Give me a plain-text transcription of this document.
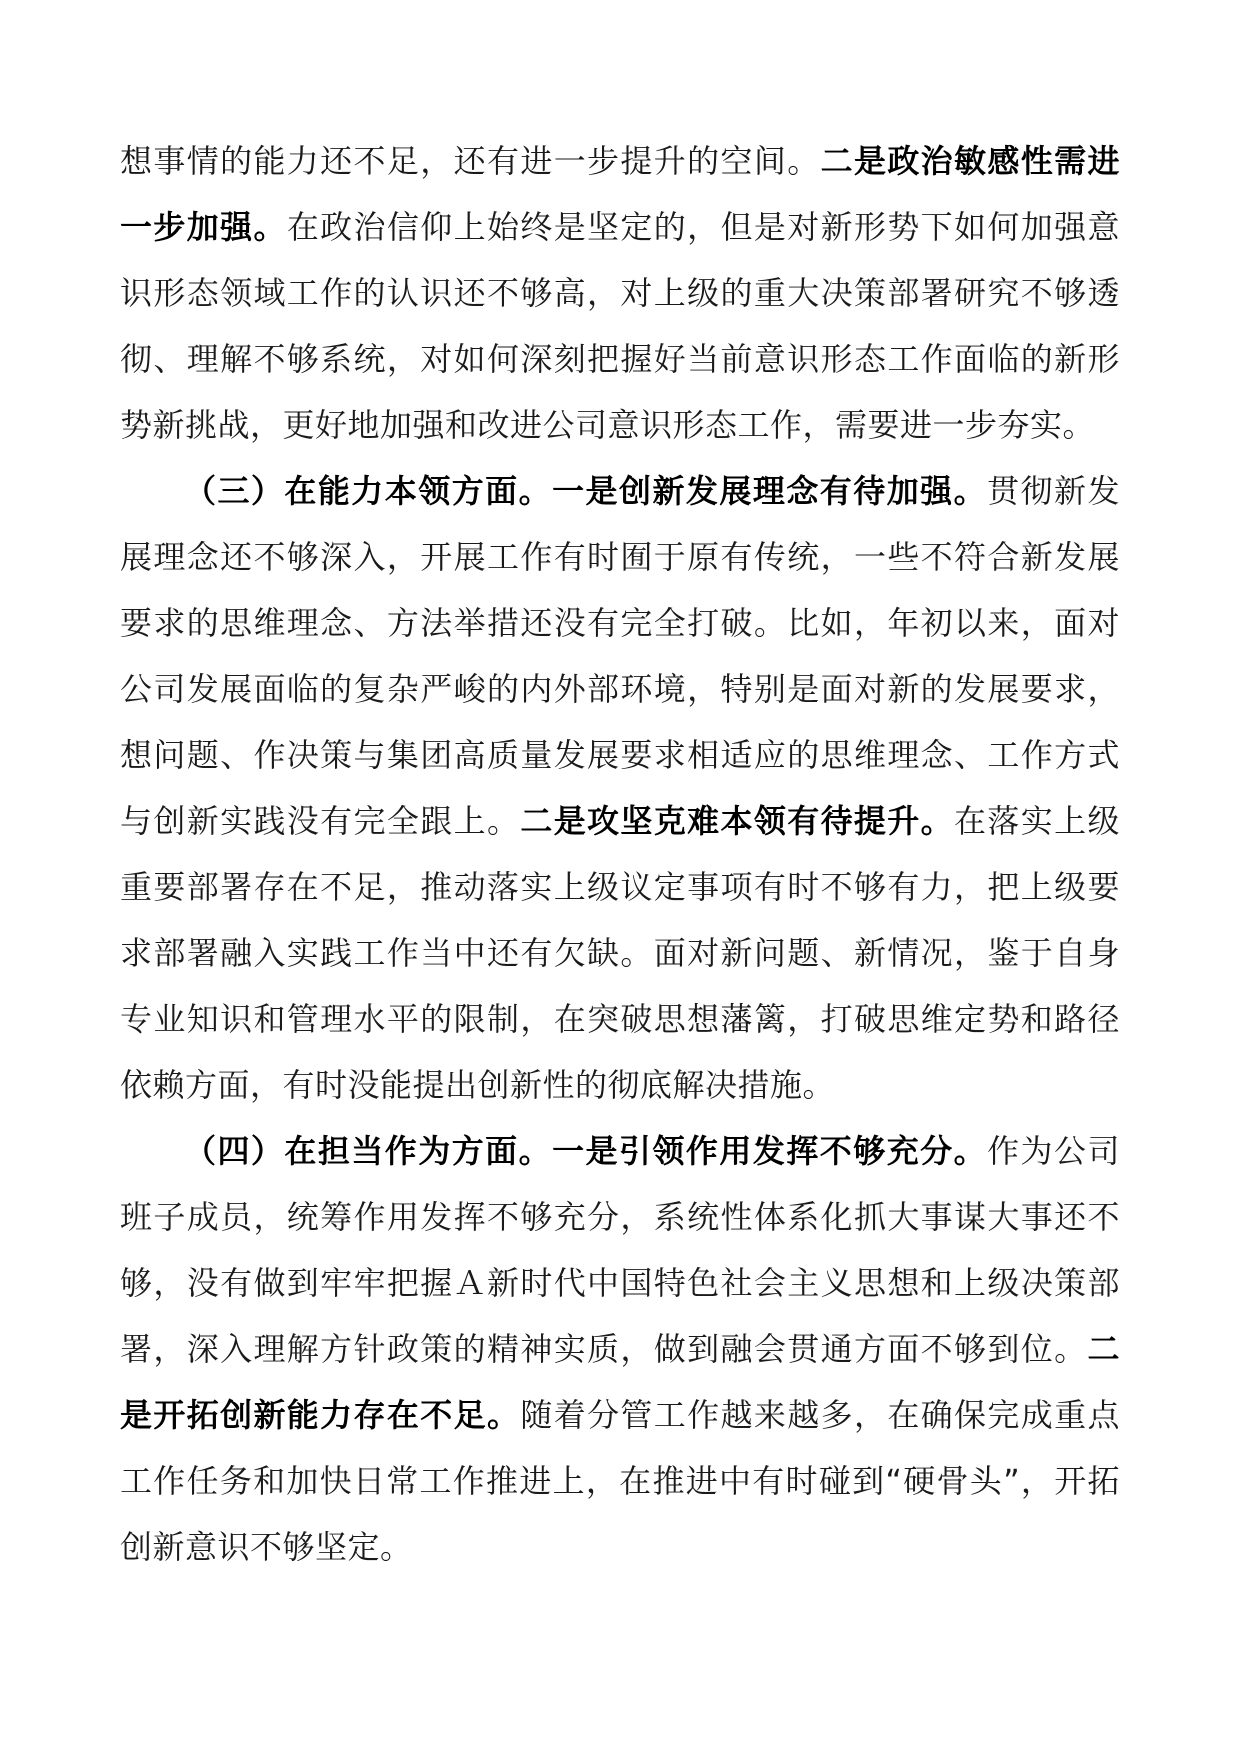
想事情的能力还不足，还有进一步提升的空间。二是政治敏感性需进一步加强。在政治信仰上始终是坚定的，但是对新形势下如何加强意识形态领域工作的认识还不够高，对上级的重大决策部署研究不够透彻、理解不够系统，对如何深刻把握好当前意识形态工作面临的新形势新挑战，更好地加强和改进公司意识形态工作，需要进一步夯实。

（三）在能力本领方面。一是创新发展理念有待加强。贯彻新发展理念还不够深入，开展工作有时囿于原有传统，一些不符合新发展要求的思维理念、方法举措还没有完全打破。比如，年初以来，面对公司发展面临的复杂严峻的内外部环境，特别是面对新的发展要求，想问题、作决策与集团高质量发展要求相适应的思维理念、工作方式与创新实践没有完全跟上。二是攻坚克难本领有待提升。在落实上级重要部署存在不足，推动落实上级议定事项有时不够有力，把上级要求部署融入实践工作当中还有欠缺。面对新问题、新情况，鉴于自身专业知识和管理水平的限制，在突破思想藩篱，打破思维定势和路径依赖方面，有时没能提出创新性的彻底解决措施。

（四）在担当作为方面。一是引领作用发挥不够充分。作为公司班子成员，统筹作用发挥不够充分，系统性体系化抓大事谋大事还不够，没有做到牢牢把握Ａ新时代中国特色社会主义思想和上级决策部署，深入理解方针政策的精神实质，做到融会贯通方面不够到位。二是开拓创新能力存在不足。随着分管工作越来越多，在确保完成重点工作任务和加快日常工作推进上，在推进中有时碰到“硬骨头”，开拓创新意识不够坚定。
